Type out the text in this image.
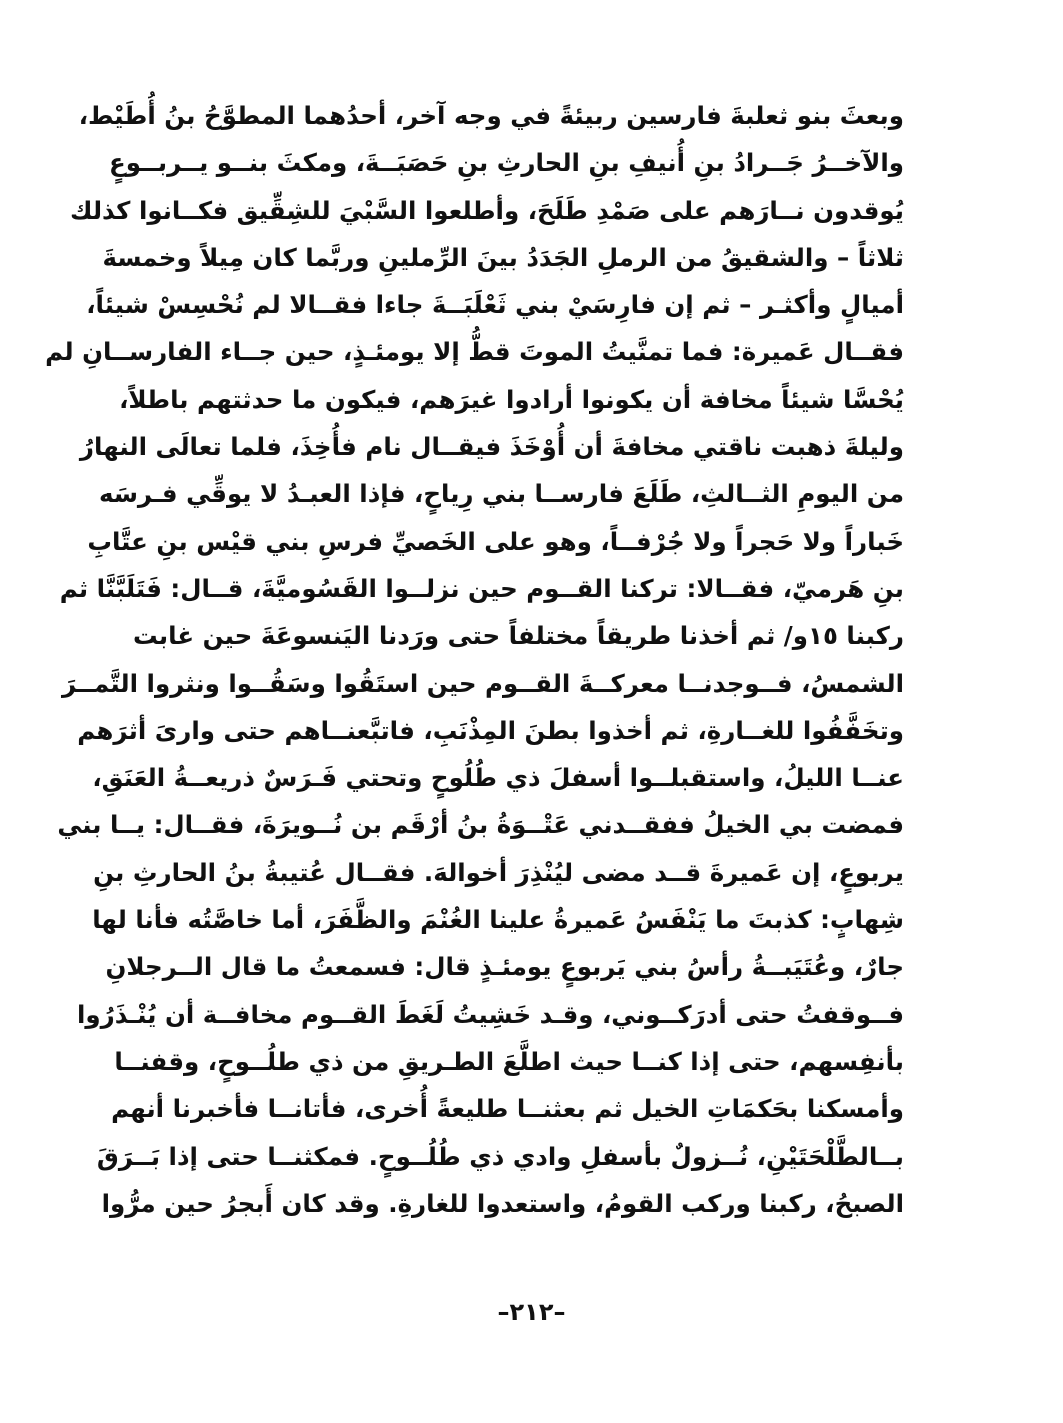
وبعثَ بنو ثعلبةَ فارسين ربيئةً في وجه آخر، أحدُهما المطوَّحُ بنُ أُطَيْط،
والآخــرُ جَــرادُ بنِ أُنيفِ بنِ الحارثِ بنِ حَصَبَــةَ، ومكثَ بنــو يــربــوعٍ
يُوقدون نــارَهم على صَمْدِ طَلَحَ، وأطلعوا السَّبْيَ للشِقِّيق فكــانوا كذلك
ثلاثاً – والشقيقُ من الرملِ الجَدَدُ بينَ الرِّملينِ وربَّما كان مِيلاً وخمسةَ
أميالٍ وأكثـر – ثم إن فارِسَيْ بني ثَعْلَبَــةَ جاءا فقــالا لم نُحْسِسْ شيئاً،
فقــال عَميرة: فما تمنَّيتُ الموتَ قطُّ إلا يومئـذٍ، حين جــاء الفارســانِ لم
يُحْسَّا شيئاً مخافة أن يكونوا أرادوا غيرَهم، فيكون ما حدثتهم باطلاً،
وليلةَ ذهبت ناقتي مخافةَ أن أُوْخَذَ فيقــال نام فأُخِذَ، فلما تعالَى النهارُ
من اليومِ الثــالثِ، طَلَعَ فارســا بني رِياحٍ، فإذا العبـدُ لا يوقِّي فـرسَه
خَباراً ولا حَجراً ولا جُرْفــاً، وهو على الخَصيِّ فرسِ بني قيْس بنِ عتَّابِ
بنِ هَرميّ، فقــالا: تركنا القــوم حين نزلــوا القَسُوميَّةَ، قــال: فَتَلَبَّنَّا ثم
ركبنا ١٥و/ ثم أخذنا طريقاً مختلفاً حتى ورَدنا اليَنسوعَةَ حين غابت
الشمسُ، فــوجدنــا معركــةَ القــوم حين استَقُوا وسَقُــوا ونثروا التَّمــرَ
وتخَفَّفُوا للغــارةِ، ثم أخذوا بطنَ المِذْنَبِ، فاتبَّعنــاهم حتى وارىَ أثرَهم
عنــا الليلُ، واستقبلــوا أسفلَ ذي طُلُوحٍ وتحتي فَـرَسٌ ذريعــةُ العَنَقِ،
فمضت بي الخيلُ ففقــدني عَتْــوَةُ بنُ أرْقَم بن نُــويرَةَ، فقــال: يــا بني
يربوعٍ، إن عَميرةَ قــد مضى ليُنْذِرَ أخوالهَ. فقــال عُتيبةُ بنُ الحارثِ بنِ
شِهابٍ: كذبتَ ما يَنْفَسُ عَميرةُ علينا الغُنْمَ والظَّفَرَ، أما خاصَّتُه فأنا لها
جارٌ، وعُتَيَبــةُ رأسُ بني يَربوعٍ يومئـذٍ قال: فسمعتُ ما قال الــرجلانِ
فــوقفتُ حتى أدرَكــوني، وقـد خَشِيتُ لَغَطَ القــوم مخافــة أن يُنْـذَرُوا
بأنفِسهم، حتى إذا كنــا حيث اطلَّعَ الطـريقِ من ذي طلُــوحٍ، وقفنــا
وأمسكنا بحَكمَاتِ الخيل ثم بعثنــا طليعةً أُخرى، فأتانــا فأخبرنا أنهم
بــالطَّلْحَتَيْنِ، نُــزولٌ بأسفلِ وادي ذي طُلُــوحٍ. فمكثنــا حتى إذا بَــرَقَ
الصبحُ، ركبنا وركب القومُ، واستعدوا للغارةِ. وقد كان أَبجرُ حين مرُّوا
–٢١٢–
